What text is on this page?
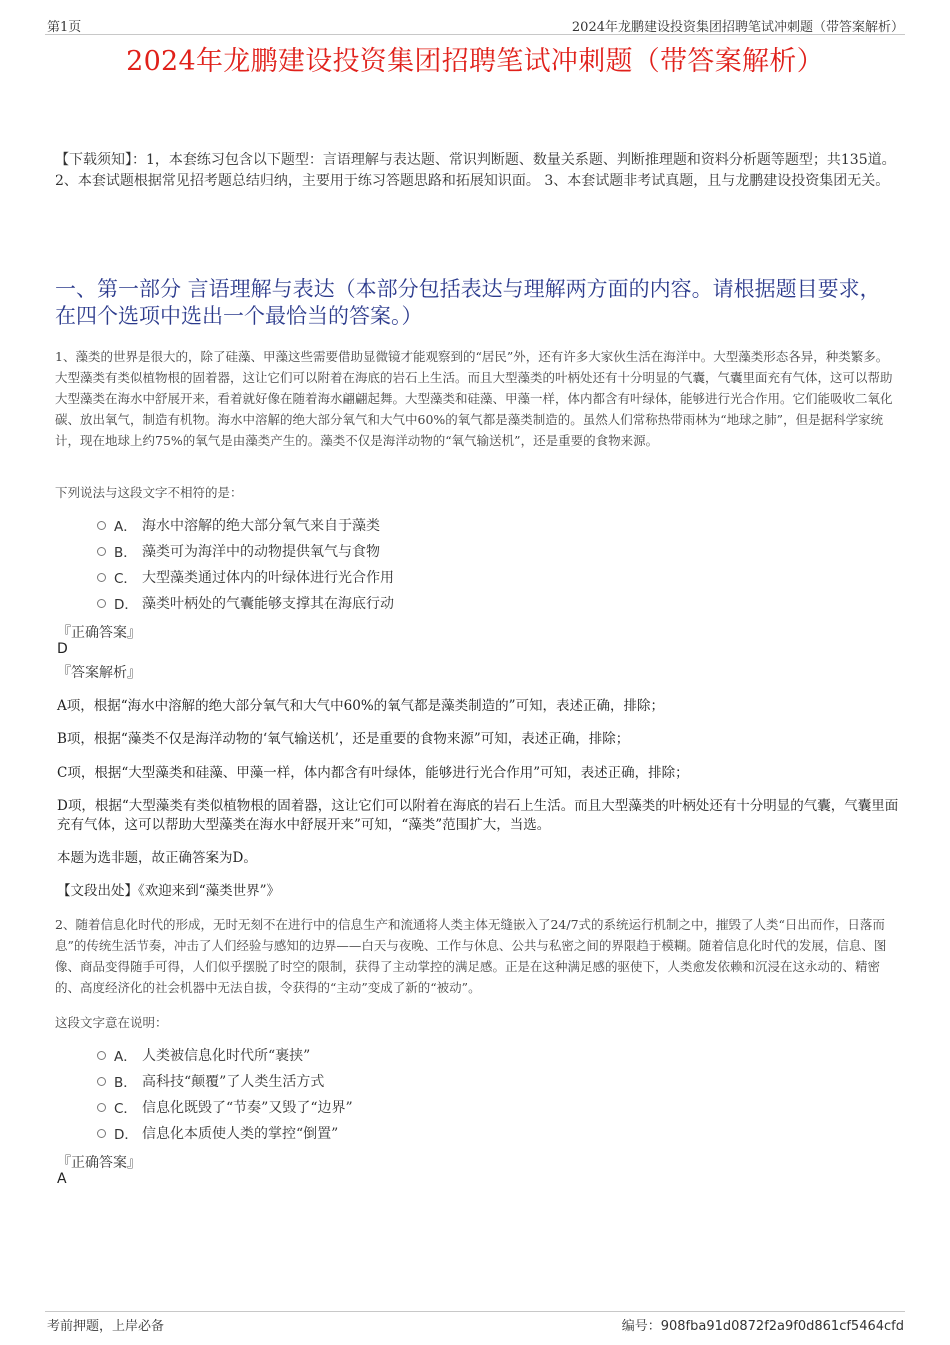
第1页	2024年龙鹏建设投资集团招聘笔试冲刺题（带答案解析）
2024年龙鹏建设投资集团招聘笔试冲刺题（带答案解析）
【下载须知】：1，本套练习包含以下题型：言语理解与表达题、常识判断题、数量关系题、判断推理题和资料分析题等题型；共135道。 2、本套试题根据常见招考题总结归纳，主要用于练习答题思路和拓展知识面。 3、本套试题非考试真题，且与龙鹏建设投资集团无关。
一、第一部分 言语理解与表达（本部分包括表达与理解两方面的内容。请根据题目要求，在四个选项中选出一个最恰当的答案。）
1、藻类的世界是很大的，除了硅藻、甲藻这些需要借助显微镜才能观察到的“居民”外，还有许多大家伙生活在海洋中。大型藻类形态各异，种类繁多。大型藻类有类似植物根的固着器，这让它们可以附着在海底的岩石上生活。而且大型藻类的叶柄处还有十分明显的气囊，气囊里面充有气体，这可以帮助大型藻类在海水中舒展开来，看着就好像在随着海水翩翩起舞。大型藻类和硅藻、甲藻一样，体内都含有叶绿体，能够进行光合作用。它们能吸收二氧化碳、放出氧气，制造有机物。海水中溶解的绝大部分氧气和大气中60%的氧气都是藻类制造的。虽然人们常称热带雨林为“地球之肺”，但是据科学家统计，现在地球上约75%的氧气是由藻类产生的。藻类不仅是海洋动物的“氧气输送机”，还是重要的食物来源。
下列说法与这段文字不相符的是：
A． 海水中溶解的绝大部分氧气来自于藻类
B． 藻类可为海洋中的动物提供氧气与食物
C． 大型藻类通过体内的叶绿体进行光合作用
D． 藻类叶柄处的气囊能够支撑其在海底行动
『正确答案』
D
『答案解析』
A项，根据“海水中溶解的绝大部分氧气和大气中60%的氧气都是藻类制造的”可知，表述正确，排除；
B项，根据“藻类不仅是海洋动物的‘氧气输送机’，还是重要的食物来源”可知，表述正确，排除；
C项，根据“大型藻类和硅藻、甲藻一样，体内都含有叶绿体，能够进行光合作用”可知，表述正确，排除；
D项，根据“大型藻类有类似植物根的固着器，这让它们可以附着在海底的岩石上生活。而且大型藻类的叶柄处还有十分明显的气囊，气囊里面充有气体，这可以帮助大型藻类在海水中舒展开来”可知，“藻类”范围扩大，当选。
本题为选非题，故正确答案为D。
【文段出处】《欢迎来到“藻类世界”》
2、随着信息化时代的形成，无时无刻不在进行中的信息生产和流通将人类主体无缝嵌入了24/7式的系统运行机制之中，摧毁了人类“日出而作，日落而息”的传统生活节奏，冲击了人们经验与感知的边界——白天与夜晚、工作与休息、公共与私密之间的界限趋于模糊。随着信息化时代的发展，信息、图像、商品变得随手可得，人们似乎摆脱了时空的限制，获得了主动掌控的满足感。正是在这种满足感的驱使下，人类愈发依赖和沉浸在这永动的、精密的、高度经济化的社会机器中无法自拔，令获得的“主动”变成了新的“被动”。
这段文字意在说明：
A． 人类被信息化时代所“裹挟”
B． 高科技“颠覆”了人类生活方式
C． 信息化既毁了“节奏”又毁了“边界”
D． 信息化本质使人类的掌控“倒置”
『正确答案』
A
考前押题，上岸必备	编号：908fba91d0872f2a9f0d861cf5464cfd
